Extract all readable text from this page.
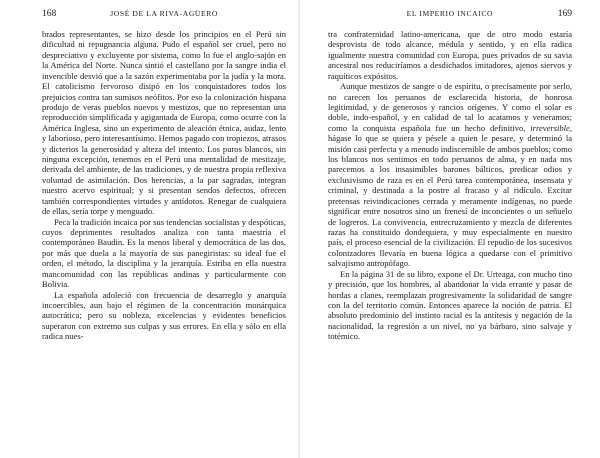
168	JOSÉ DE LA RIVA-AGÜERO

brados representantes, se hizo desde los principios en el Perú sin dificultad ni repugnancia alguna. Pudo el español ser cruel, pero no despreciativo y excluyente por sistema, como lo fue el anglo-sajón en la América del Norte. Nunca sintió el castellano por la sangre india el invencible desvió que a la sazón experimentaba por la judía y la mora. El catolicismo fervoroso disipó en los conquistadores todos los prejuicios contra tan sumisos neófitos. Por eso la colonización hispana produjo de veras pueblos nuevos y mestizos, que no representan una reproducción simplificada y agigantada de Europa, como ocurre con la América Inglesa, sino un experimento de aleación étnica, audaz, lento y laborioso, pero interesantísimo. Hemos pagado con tropiezos, atrasos y dicterios la generosidad y alteza del intento. Los puros blancos, sin ninguna excepción, tenemos en el Perú una mentalidad de mestizaje, derivada del ambiente, de las tradiciones, y de nuestra propia reflexiva voluntad de asimilación. Dos herencias, a la par sagradas, integran nuestro acervo espiritual; y si presentan sendos defectos, ofrecen también correspondientes virtudes y antídotos. Renegar de cualquiera de ellas, sería torpe y menguado.

Peca la tradición incaica por sus tendencias socialistas y despóticas, cuyos deprimentes resultados analiza con tanta maestría el contemporáneo Baudin. Es la menos liberal y democrática de las dos, por más que duela a la mayoría de sus panegiristas: su ideal fue el orden, el método, la disciplina y la jerarquía. Estriba en ella nuestra mancomunidad con las repúblicas andinas y particularmente con Bolivia.

La española adoleció con frecuencia de desarreglo y anarquía incoercibles, aun bajo el régimen de la concentración monárquica autocrática; pero su nobleza, excelencias y evidentes beneficios superaron con extremo sus culpas y sus errores. En ella y sólo en ella radica nues-

EL IMPERIO INCAICO	169

tra confraternidad latino-americana, que de otro modo estaría desprovista de todo alcance, médula y sentido, y en ella radica igualmente nuestra comunidad con Europa, pues privados de su savia ancestral nos reduciríamos a desdichados imitadores, ajenos siervos y raquíticos expósitos.

Aunque mestizos de sangre o de espíritu, o precisamente por serlo, no carecen los peruanos de esclarecida historia, de honrosa legitimidad, y de generosos y rancios orígenes. Y como el solar es doble, indo-español, y en calidad de tal lo acatamos y veneramos; como la conquista española fue un hecho definitivo, irreversible, hágase lo que se quiera y pésele a quien le pesare, y determinó la misión casi perfecta y a menudo indiscernible de ambos pueblos; como los blancos nos sentimos en todo peruanos de alma, y en nada nos parecemos a los insasimibles barones bálticos, predicar odios y exclusivismo de raza es en el Perú tarea contemporánea, insensata y criminal, y destinada a la postre al fracaso y al ridículo. Excitar pretensas reivindicaciones cerrada y meramente indígenas, no puede significar entre nosotros sino un frenesí de inconcientes o un señuelo de logreros. La convivencia, entrecruzamiento y mezcla de diferentes razas ha constituido dondequiera, y muy especialmente en nuestro país, el proceso esencial de la civilización. El repudio de los sucesivos colonizadores llevaría en buena lógica a quedarse con el primitivo salvajismo antropófago.

En la página 31 de su libro, expone el Dr. Urteaga, con mucho tino y precisión, que los hombres, al abandonar la vida errante y pasar de hordas a clanes, reemplazan progresivamente la solidaridad de sangre con la del territorio común. Entonces aparece la noción de patria. El absoluto predominio del instinto racial es la antítesis y negación de la nacionalidad, la regresión a un nivel, no ya bárbaro, sino salvaje y totémico.
